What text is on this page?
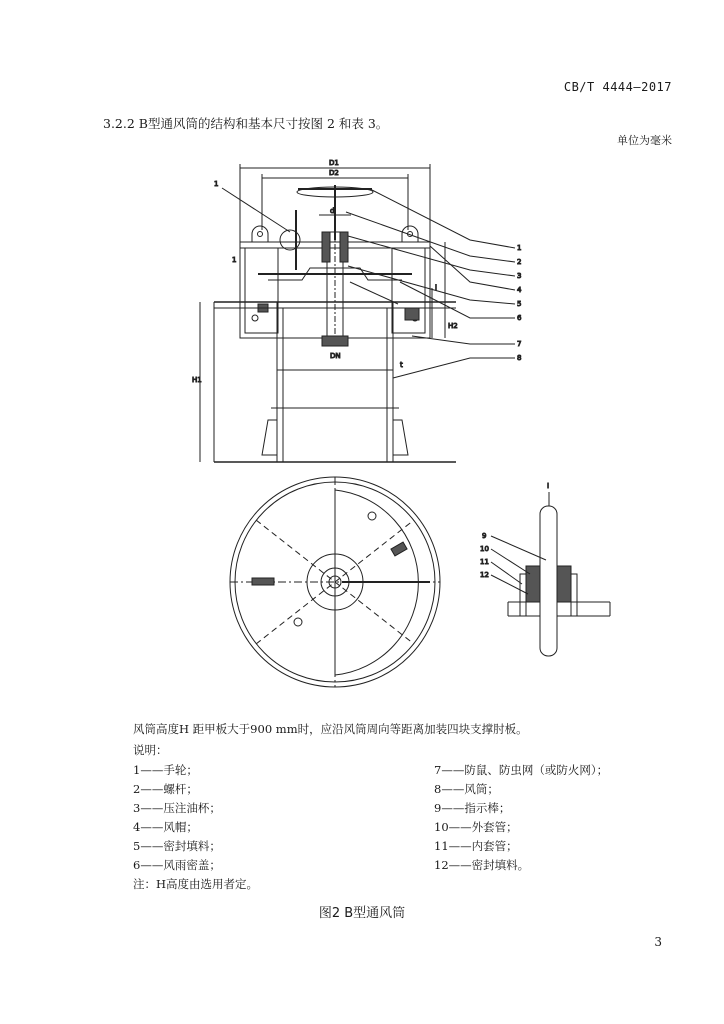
CB/T 4444—2017
3.2.2 B型通风筒的结构和基本尺寸按图 2 和表 3。
单位为毫米
D1
D2
d
DN
t
H1
H2
l
1
1
1
2
3
4
5
6
7
8
9
10
11
12
I
风筒高度H 距甲板大于900 mm时，应沿风筒周向等距离加装四块支撑肘板。
说明：
1——手轮；
2——螺杆；
3——压注油杯；
4——风帽；
5——密封填料；
6——风雨密盖；
7——防鼠、防虫网（或防火网）；
8——风筒；
9——指示棒；
10——外套管；
11——内套管；
12——密封填料。
注：H高度由选用者定。
图2 B型通风筒
3
